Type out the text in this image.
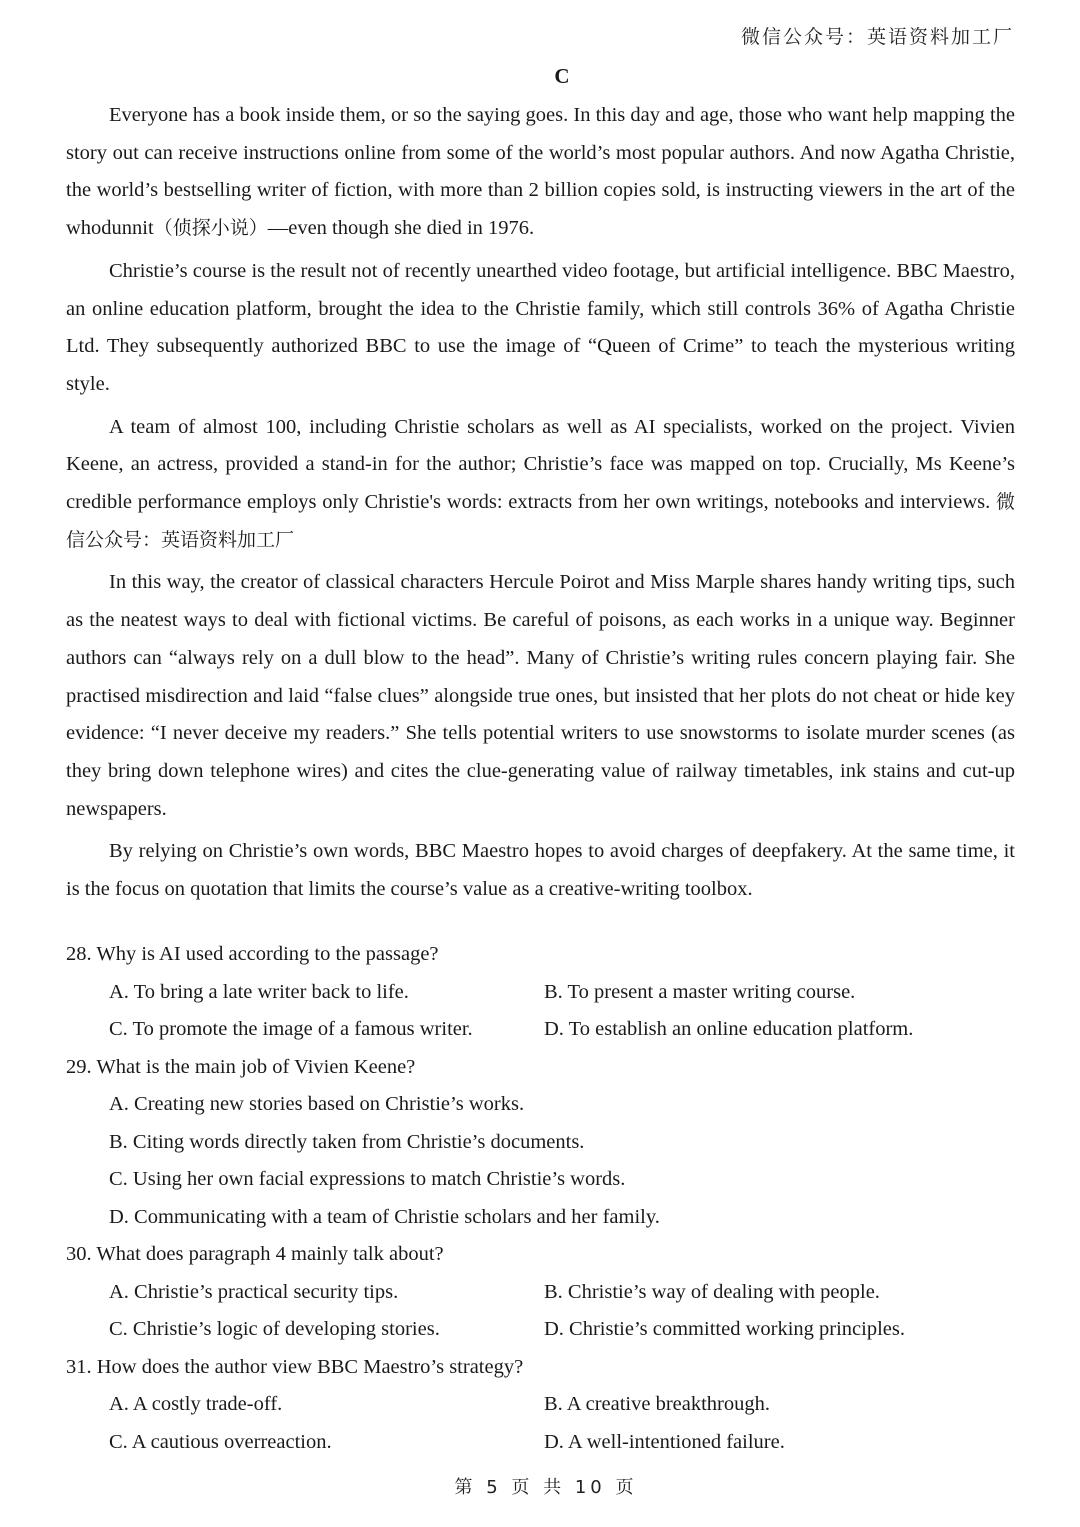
微信公众号：英语资料加工厂
C

Everyone has a book inside them, or so the saying goes. In this day and age, those who want help mapping the story out can receive instructions online from some of the world’s most popular authors. And now Agatha Christie, the world’s bestselling writer of fiction, with more than 2 billion copies sold, is instructing viewers in the art of the whodunnit（侦探小说）—even though she died in 1976.

Christie’s course is the result not of recently unearthed video footage, but artificial intelligence. BBC Maestro, an online education platform, brought the idea to the Christie family, which still controls 36% of Agatha Christie Ltd. They subsequently authorized BBC to use the image of “Queen of Crime” to teach the mysterious writing style.

A team of almost 100, including Christie scholars as well as AI specialists, worked on the project. Vivien Keene, an actress, provided a stand-in for the author; Christie’s face was mapped on top. Crucially, Ms Keene’s credible performance employs only Christie's words: extracts from her own writings, notebooks and interviews. 微信公众号：英语资料加工厂

In this way, the creator of classical characters Hercule Poirot and Miss Marple shares handy writing tips, such as the neatest ways to deal with fictional victims. Be careful of poisons, as each works in a unique way. Beginner authors can “always rely on a dull blow to the head”. Many of Christie’s writing rules concern playing fair. She practised misdirection and laid “false clues” alongside true ones, but insisted that her plots do not cheat or hide key evidence: “I never deceive my readers.” She tells potential writers to use snowstorms to isolate murder scenes (as they bring down telephone wires) and cites the clue-generating value of railway timetables, ink stains and cut-up newspapers.

By relying on Christie’s own words, BBC Maestro hopes to avoid charges of deepfakery. At the same time, it is the focus on quotation that limits the course’s value as a creative-writing toolbox.

28. Why is AI used according to the passage?
A. To bring a late writer back to life.	B. To present a master writing course.
C. To promote the image of a famous writer.	D. To establish an online education platform.
29. What is the main job of Vivien Keene?
A. Creating new stories based on Christie’s works.
B. Citing words directly taken from Christie’s documents.
C. Using her own facial expressions to match Christie’s words.
D. Communicating with a team of Christie scholars and her family.
30. What does paragraph 4 mainly talk about?
A. Christie’s practical security tips.	B. Christie’s way of dealing with people.
C. Christie’s logic of developing stories.	D. Christie’s committed working principles.
31. How does the author view BBC Maestro’s strategy?
A. A costly trade-off.	B. A creative breakthrough.
C. A cautious overreaction.	D. A well-intentioned failure.
第 5 页 共 10 页
